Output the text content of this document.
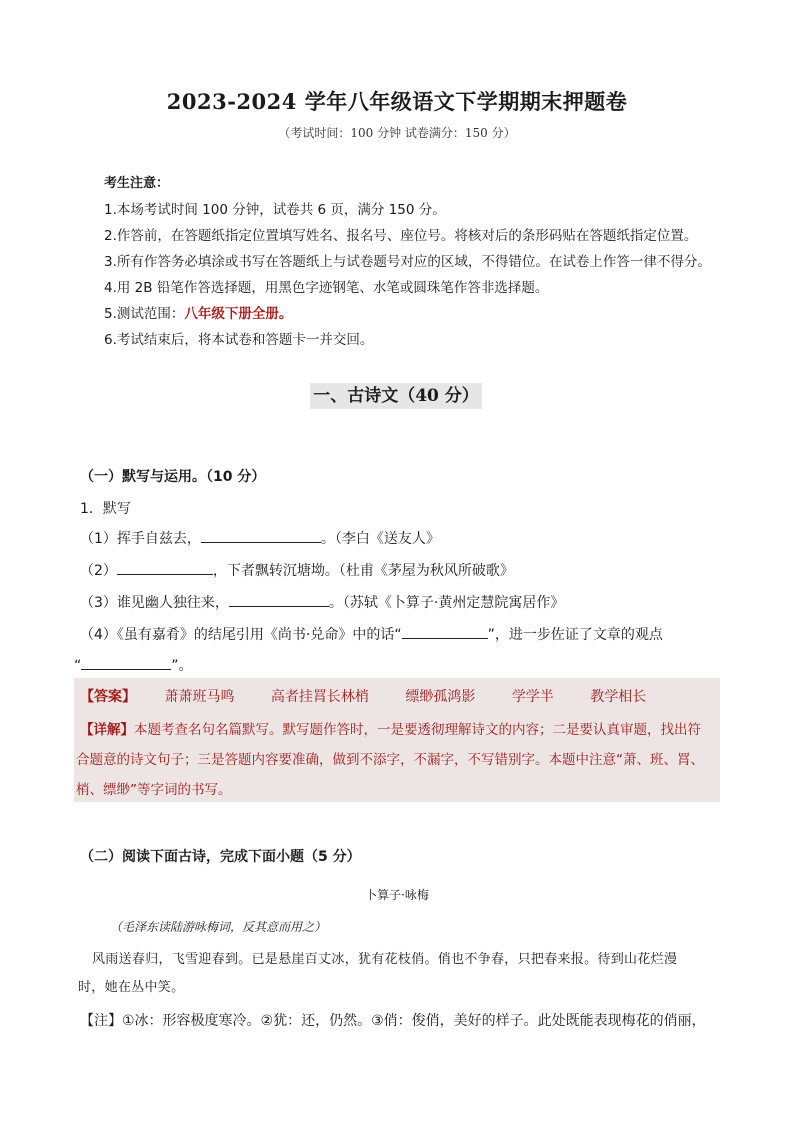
2023-2024 学年八年级语文下学期期末押题卷
（考试时间：100 分钟 试卷满分：150 分）
考生注意：
1.本场考试时间 100 分钟，试卷共 6 页，满分 150 分。
2.作答前，在答题纸指定位置填写姓名、报名号、座位号。将核对后的条形码贴在答题纸指定位置。
3.所有作答务必填涂或书写在答题纸上与试卷题号对应的区域，不得错位。在试卷上作答一律不得分。
4.用 2B 铅笔作答选择题，用黑色字迹钢笔、水笔或圆珠笔作答非选择题。
5.测试范围：八年级下册全册。
6.考试结束后，将本试卷和答题卡一并交回。
一、古诗文（40 分）
（一）默写与运用。（10 分）
1．默写
（1）挥手自兹去，	。（李白《送友人》
（2）	，下者飘转沉塘坳。（杜甫《茅屋为秋风所破歌》
（3）谁见幽人独往来，	。（苏轼《卜算子·黄州定慧院寓居作》
（4）《虽有嘉肴》的结尾引用《尚书·兑命》中的话“	”，进一步佐证了文章的观点
“	”。
【答案】 萧萧班马鸣	高者挂罥长林梢	缥缈孤鸿影	学学半	教学相长
【详解】本题考查名句名篇默写。默写题作答时，一是要透彻理解诗文的内容；二是要认真审题，找出符
合题意的诗文句子；三是答题内容要准确，做到不添字，不漏字，不写错别字。本题中注意“萧、班、罥、
梢、缥缈”等字词的书写。
（二）阅读下面古诗，完成下面小题（5 分）
卜算子·咏梅
（毛泽东读陆游咏梅词，反其意而用之）
风雨送春归，飞雪迎春到。已是悬崖百丈冰，犹有花枝俏。俏也不争春，只把春来报。待到山花烂漫
时，她在丛中笑。
【注】①冰：形容极度寒冷。②犹：还，仍然。③俏：俊俏，美好的样子。此处既能表现梅花的俏丽，
